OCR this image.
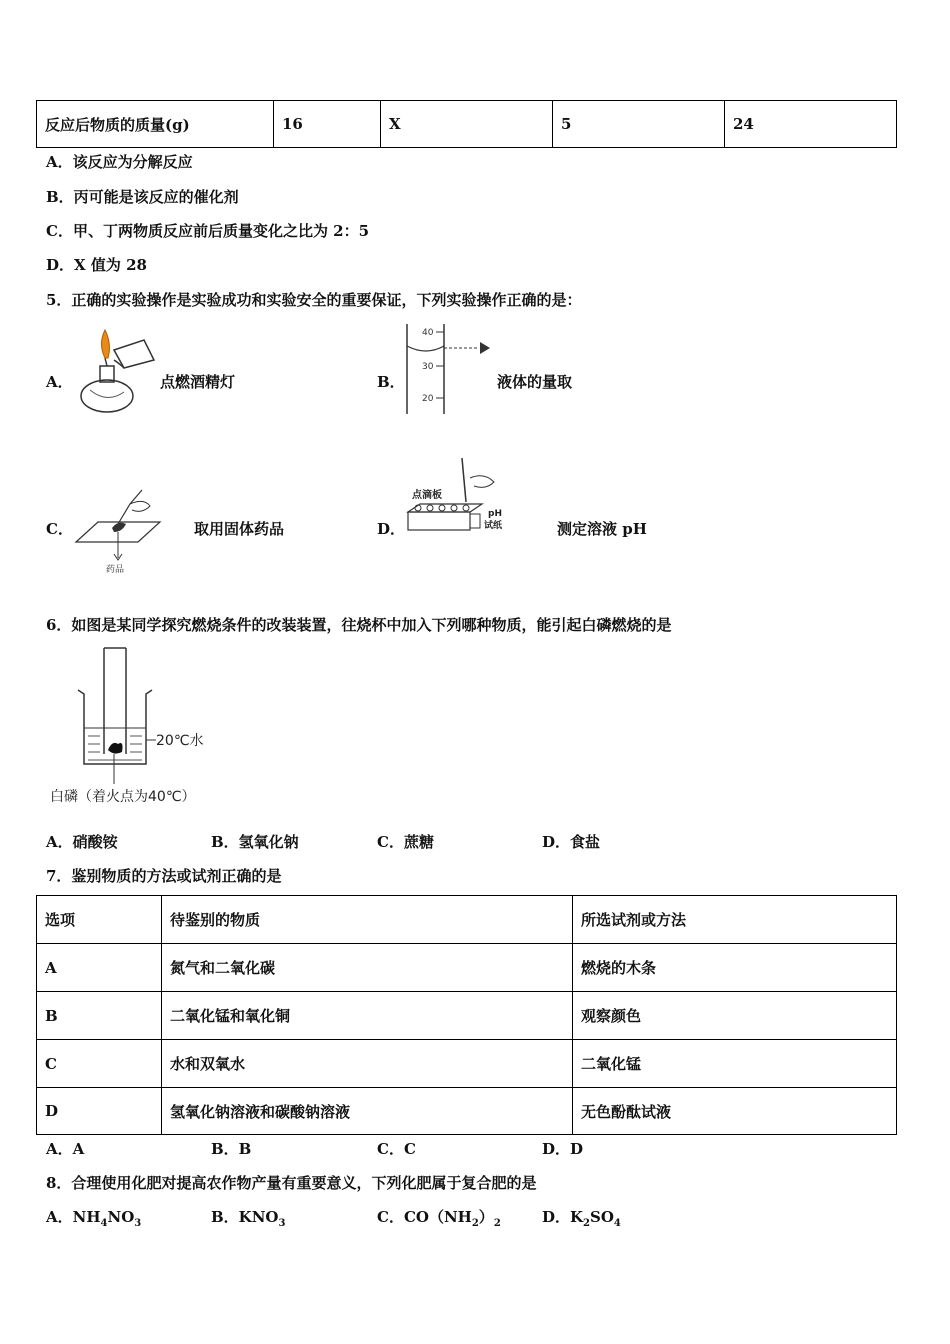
反应后物质的质量(g)	16	X	5	24
A．该反应为分解反应
B．丙可能是该反应的催化剂
C．甲、丁两物质反应前后质量变化之比为 2：5
D．X 值为 28
5．正确的实验操作是实验成功和实验安全的重要保证，下列实验操作正确的是：
A．	点燃酒精灯	B．
40
30
20
液体的量取
C．
药品
取用固体药品	D．
点滴板
pH
试纸	测定溶液 pH
6．如图是某同学探究燃烧条件的改装装置，往烧杯中加入下列哪种物质，能引起白磷燃烧的是
20℃水
白磷（着火点为40℃）
A．硝酸铵	B．氢氧化钠	C．蔗糖	D．食盐
7．鉴别物质的方法或试剂正确的是
选项	待鉴别的物质	所选试剂或方法
A	氮气和二氧化碳	燃烧的木条
B	二氧化锰和氧化铜	观察颜色
C	水和双氧水	二氧化锰
D	氢氧化钠溶液和碳酸钠溶液	无色酚酞试液
A．A	B．B	C．C	D．D
8．合理使用化肥对提高农作物产量有重要意义，下列化肥属于复合肥的是
A．$NH_4NO_3$	B．$KNO_3$	C．$CO(NH_2)_2$	D．$K_2SO_4$
